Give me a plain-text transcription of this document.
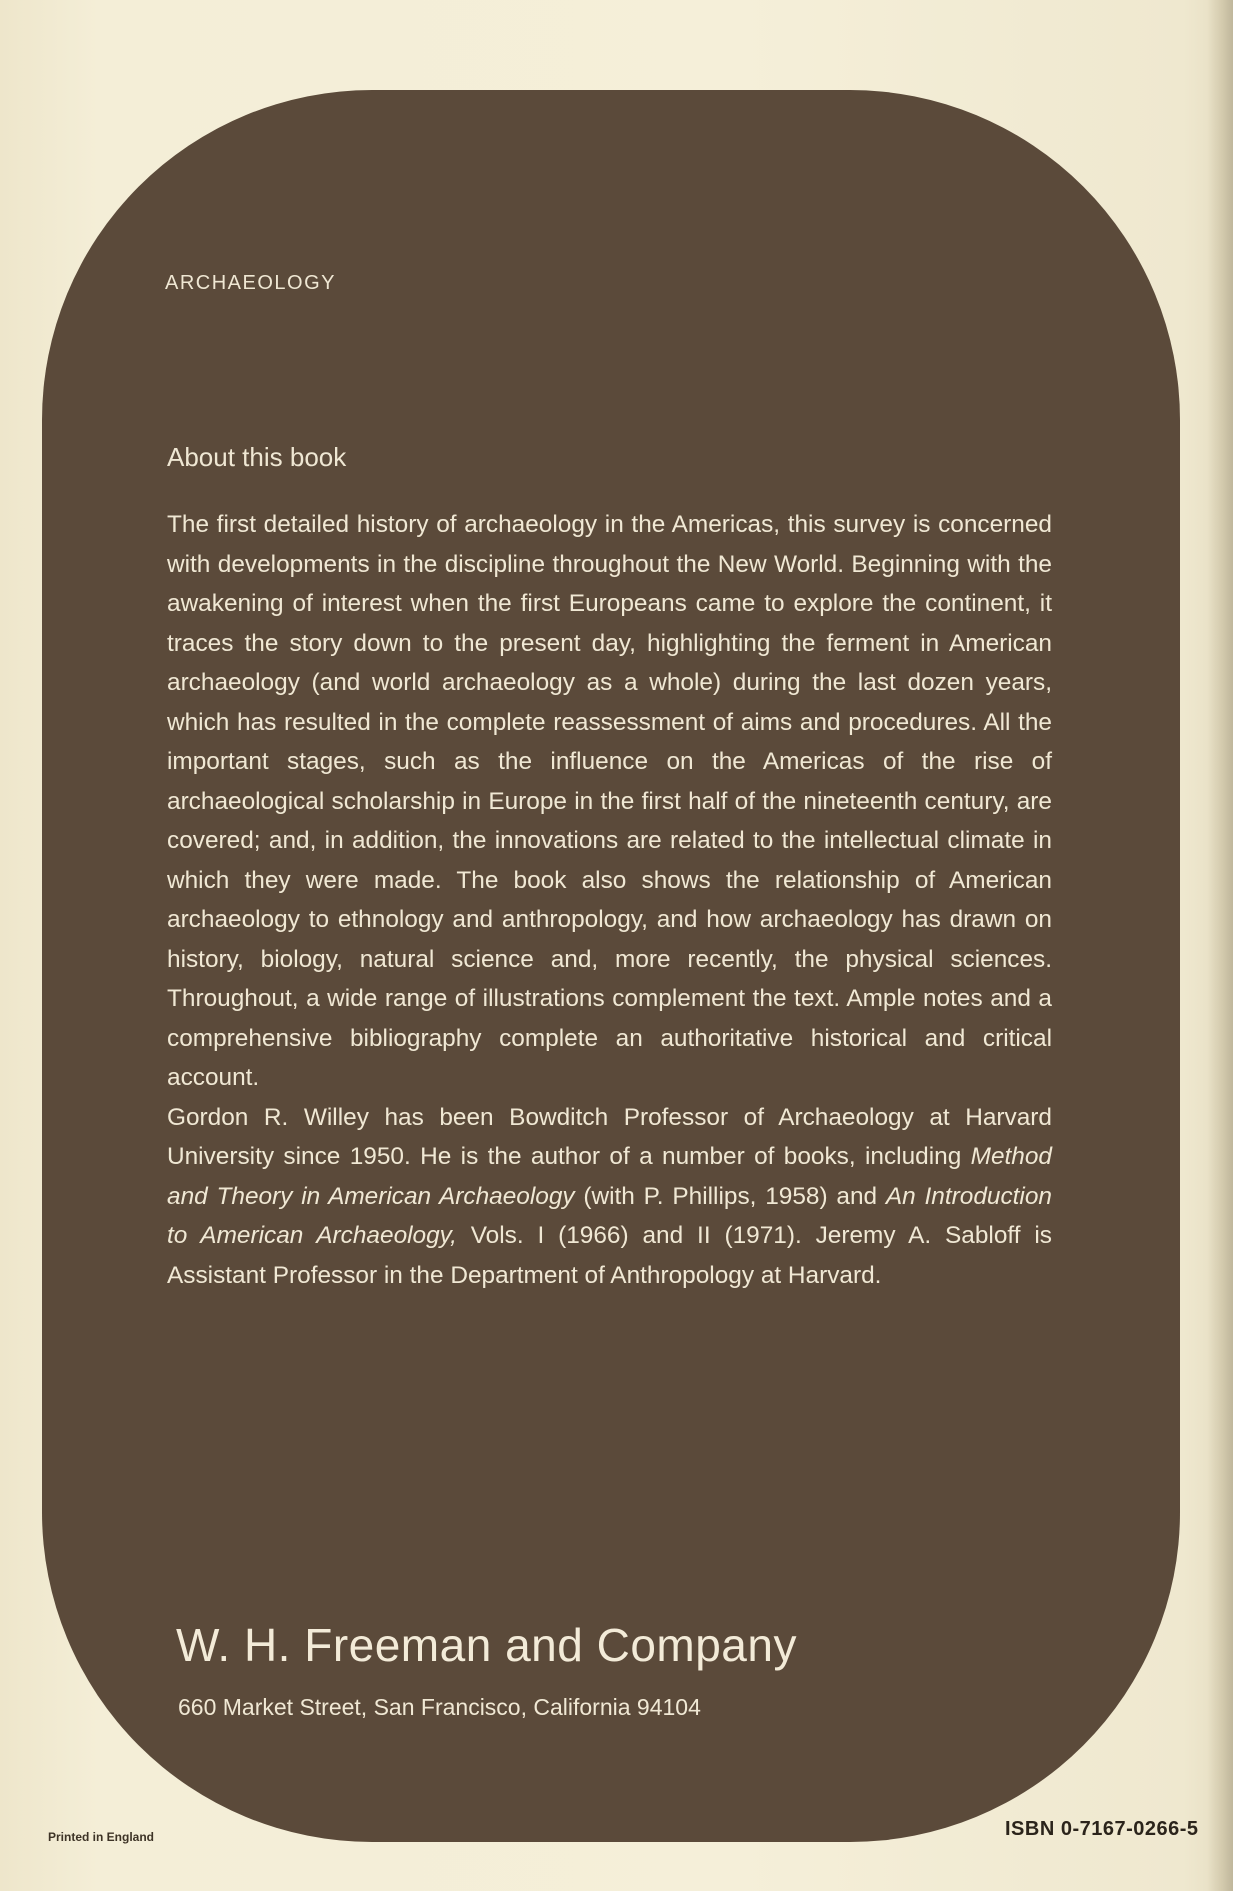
ARCHAEOLOGY
About this book

The first detailed history of archaeology in the Americas, this survey is concerned with developments in the discipline throughout the New World. Beginning with the awakening of interest when the first Europeans came to explore the continent, it traces the story down to the present day, highlighting the ferment in American archaeology (and world archaeology as a whole) during the last dozen years, which has resulted in the complete reassessment of aims and procedures. All the important stages, such as the influence on the Americas of the rise of archaeological scholarship in Europe in the first half of the nineteenth century, are covered; and, in addition, the innovations are related to the intellectual climate in which they were made. The book also shows the relationship of American archaeology to ethnology and anthropology, and how archaeology has drawn on history, biology, natural science and, more recently, the physical sciences. Throughout, a wide range of illustrations complement the text. Ample notes and a comprehensive bibliography complete an authoritative historical and critical account.

Gordon R. Willey has been Bowditch Professor of Archaeology at Harvard University since 1950. He is the author of a number of books, including Method and Theory in American Archaeology (with P. Phillips, 1958) and An Introduction to American Archaeology, Vols. I (1966) and II (1971). Jeremy A. Sabloff is Assistant Professor in the Department of Anthropology at Harvard.

W. H. Freeman and Company
660 Market Street, San Francisco, California 94104
Printed in England	ISBN 0-7167-0266-5
